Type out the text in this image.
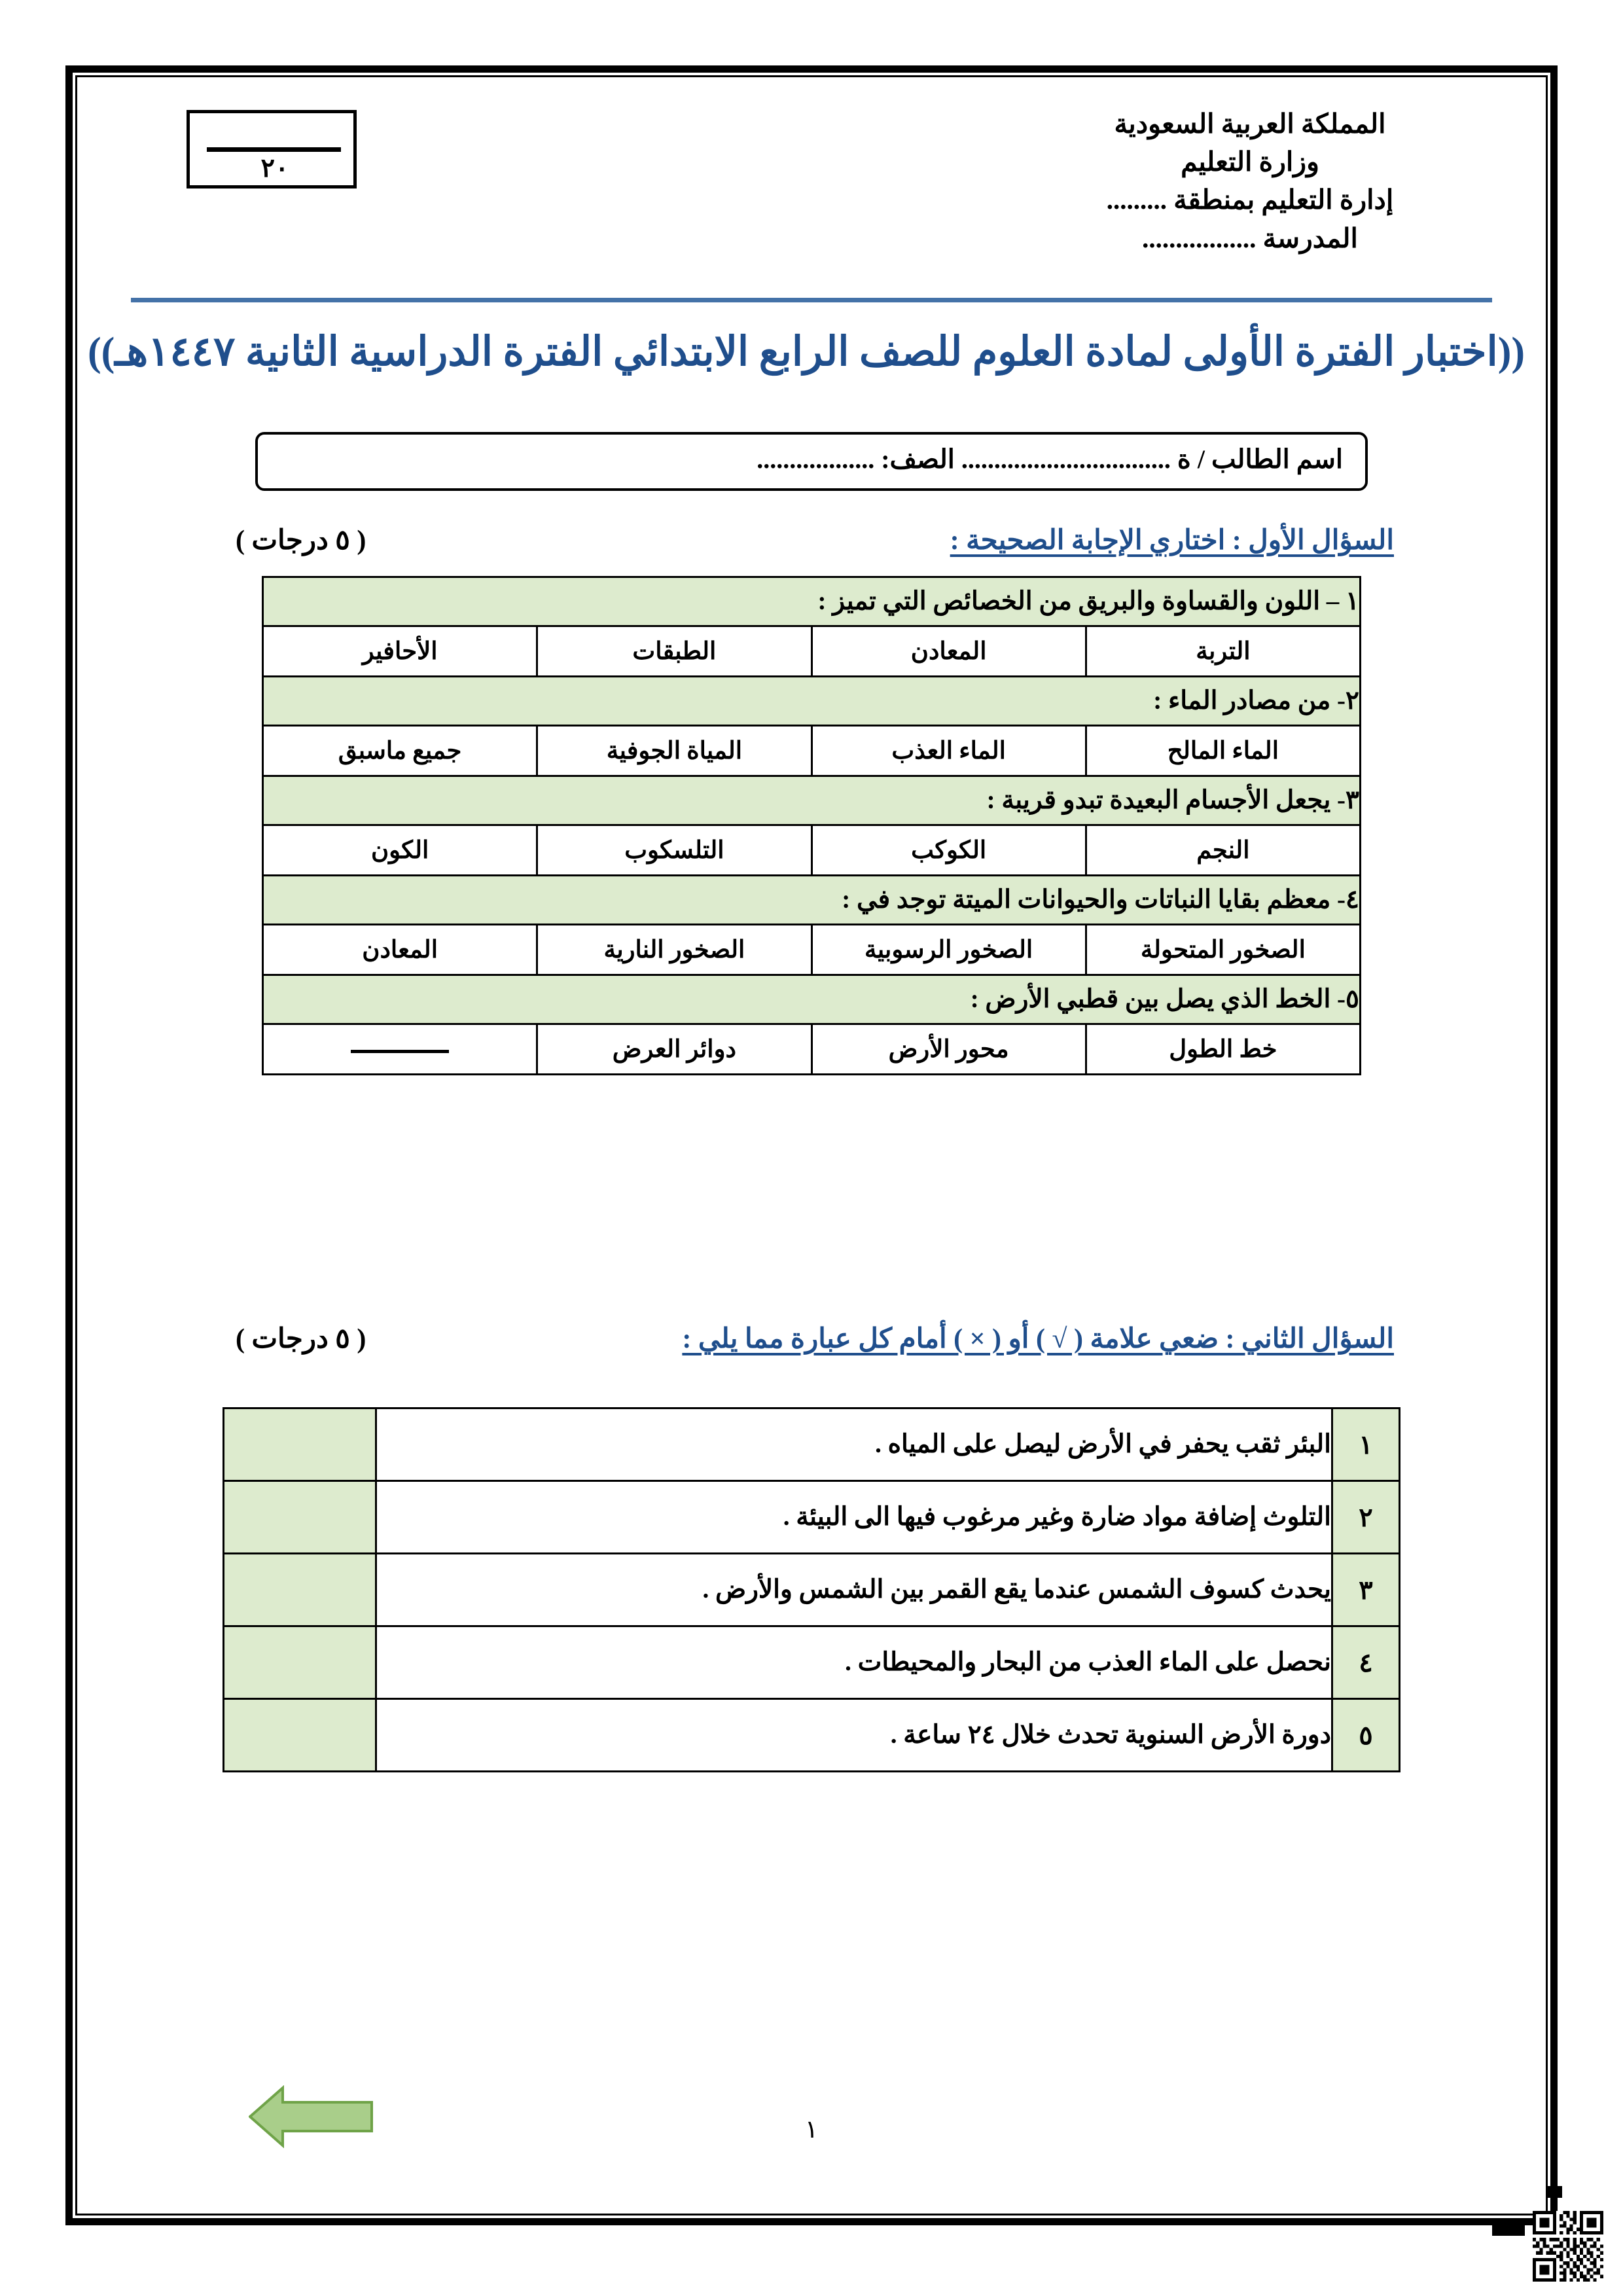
٢٠
المملكة العربية السعودية
وزارة التعليم
إدارة التعليم بمنطقة .........
المدرسة .................
((اختبار الفترة الأولى لمادة العلوم للصف الرابع الابتدائي الفترة الدراسية الثانية ١٤٤٧هـ))
اسم الطالب / ة ................................ الصف: ..................
السؤال الأول : اختاري الإجابة الصحيحة :
( ٥ درجات )
١ – اللون والقساوة والبريق من الخصائص التي تميز :			
التربة	المعادن	الطبقات	الأحافير
٢- من مصادر الماء :			
الماء المالح	الماء العذب	المياة الجوفية	جميع ماسبق
٣- يجعل الأجسام البعيدة تبدو قريبة :			
النجم	الكوكب	التلسكوب	الكون
٤- معظم بقايا النباتات والحيوانات الميتة توجد في :			
الصخور المتحولة	الصخور الرسوبية	الصخور النارية	المعادن
٥- الخط الذي يصل بين قطبي الأرض :			
خط الطول	محور الأرض	دوائر العرض	
السؤال الثاني : ضعي علامة ( √ ) أو ( × ) أمام كل عبارة مما يلي :
( ٥ درجات )
١	البئر ثقب يحفر في الأرض ليصل على المياه .	
٢	التلوث إضافة مواد ضارة وغير مرغوب فيها الى البيئة .	
٣	يحدث كسوف الشمس عندما يقع القمر بين الشمس والأرض .	
٤	نحصل على الماء العذب من البحار والمحيطات .	
٥	دورة الأرض السنوية تحدث خلال ٢٤ ساعة .	
١
